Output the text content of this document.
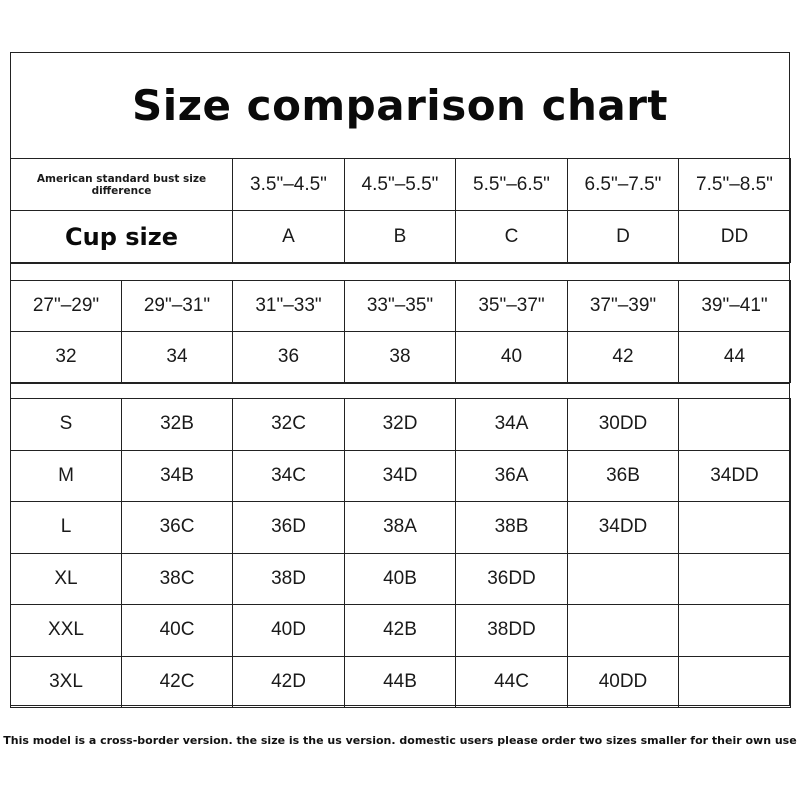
Size comparison chart
American standard bust size difference	3.5"–4.5"	4.5"–5.5"	5.5"–6.5"	6.5"–7.5"	7.5"–8.5"
Cup size	A	B	C	D	DD
27"–29"	29"–31"	31"–33"	33"–35"	35"–37"	37"–39"	39"–41"
32	34	36	38	40	42	44
S	32B	32C	32D	34A	30DD	
M	34B	34C	34D	36A	36B	34DD
L	36C	36D	38A	38B	34DD	
XL	38C	38D	40B	36DD		
XXL	40C	40D	42B	38DD		
3XL	42C	42D	44B	44C	40DD	
This model is a cross-border version. the size is the us version. domestic users please order two sizes smaller for their own use
